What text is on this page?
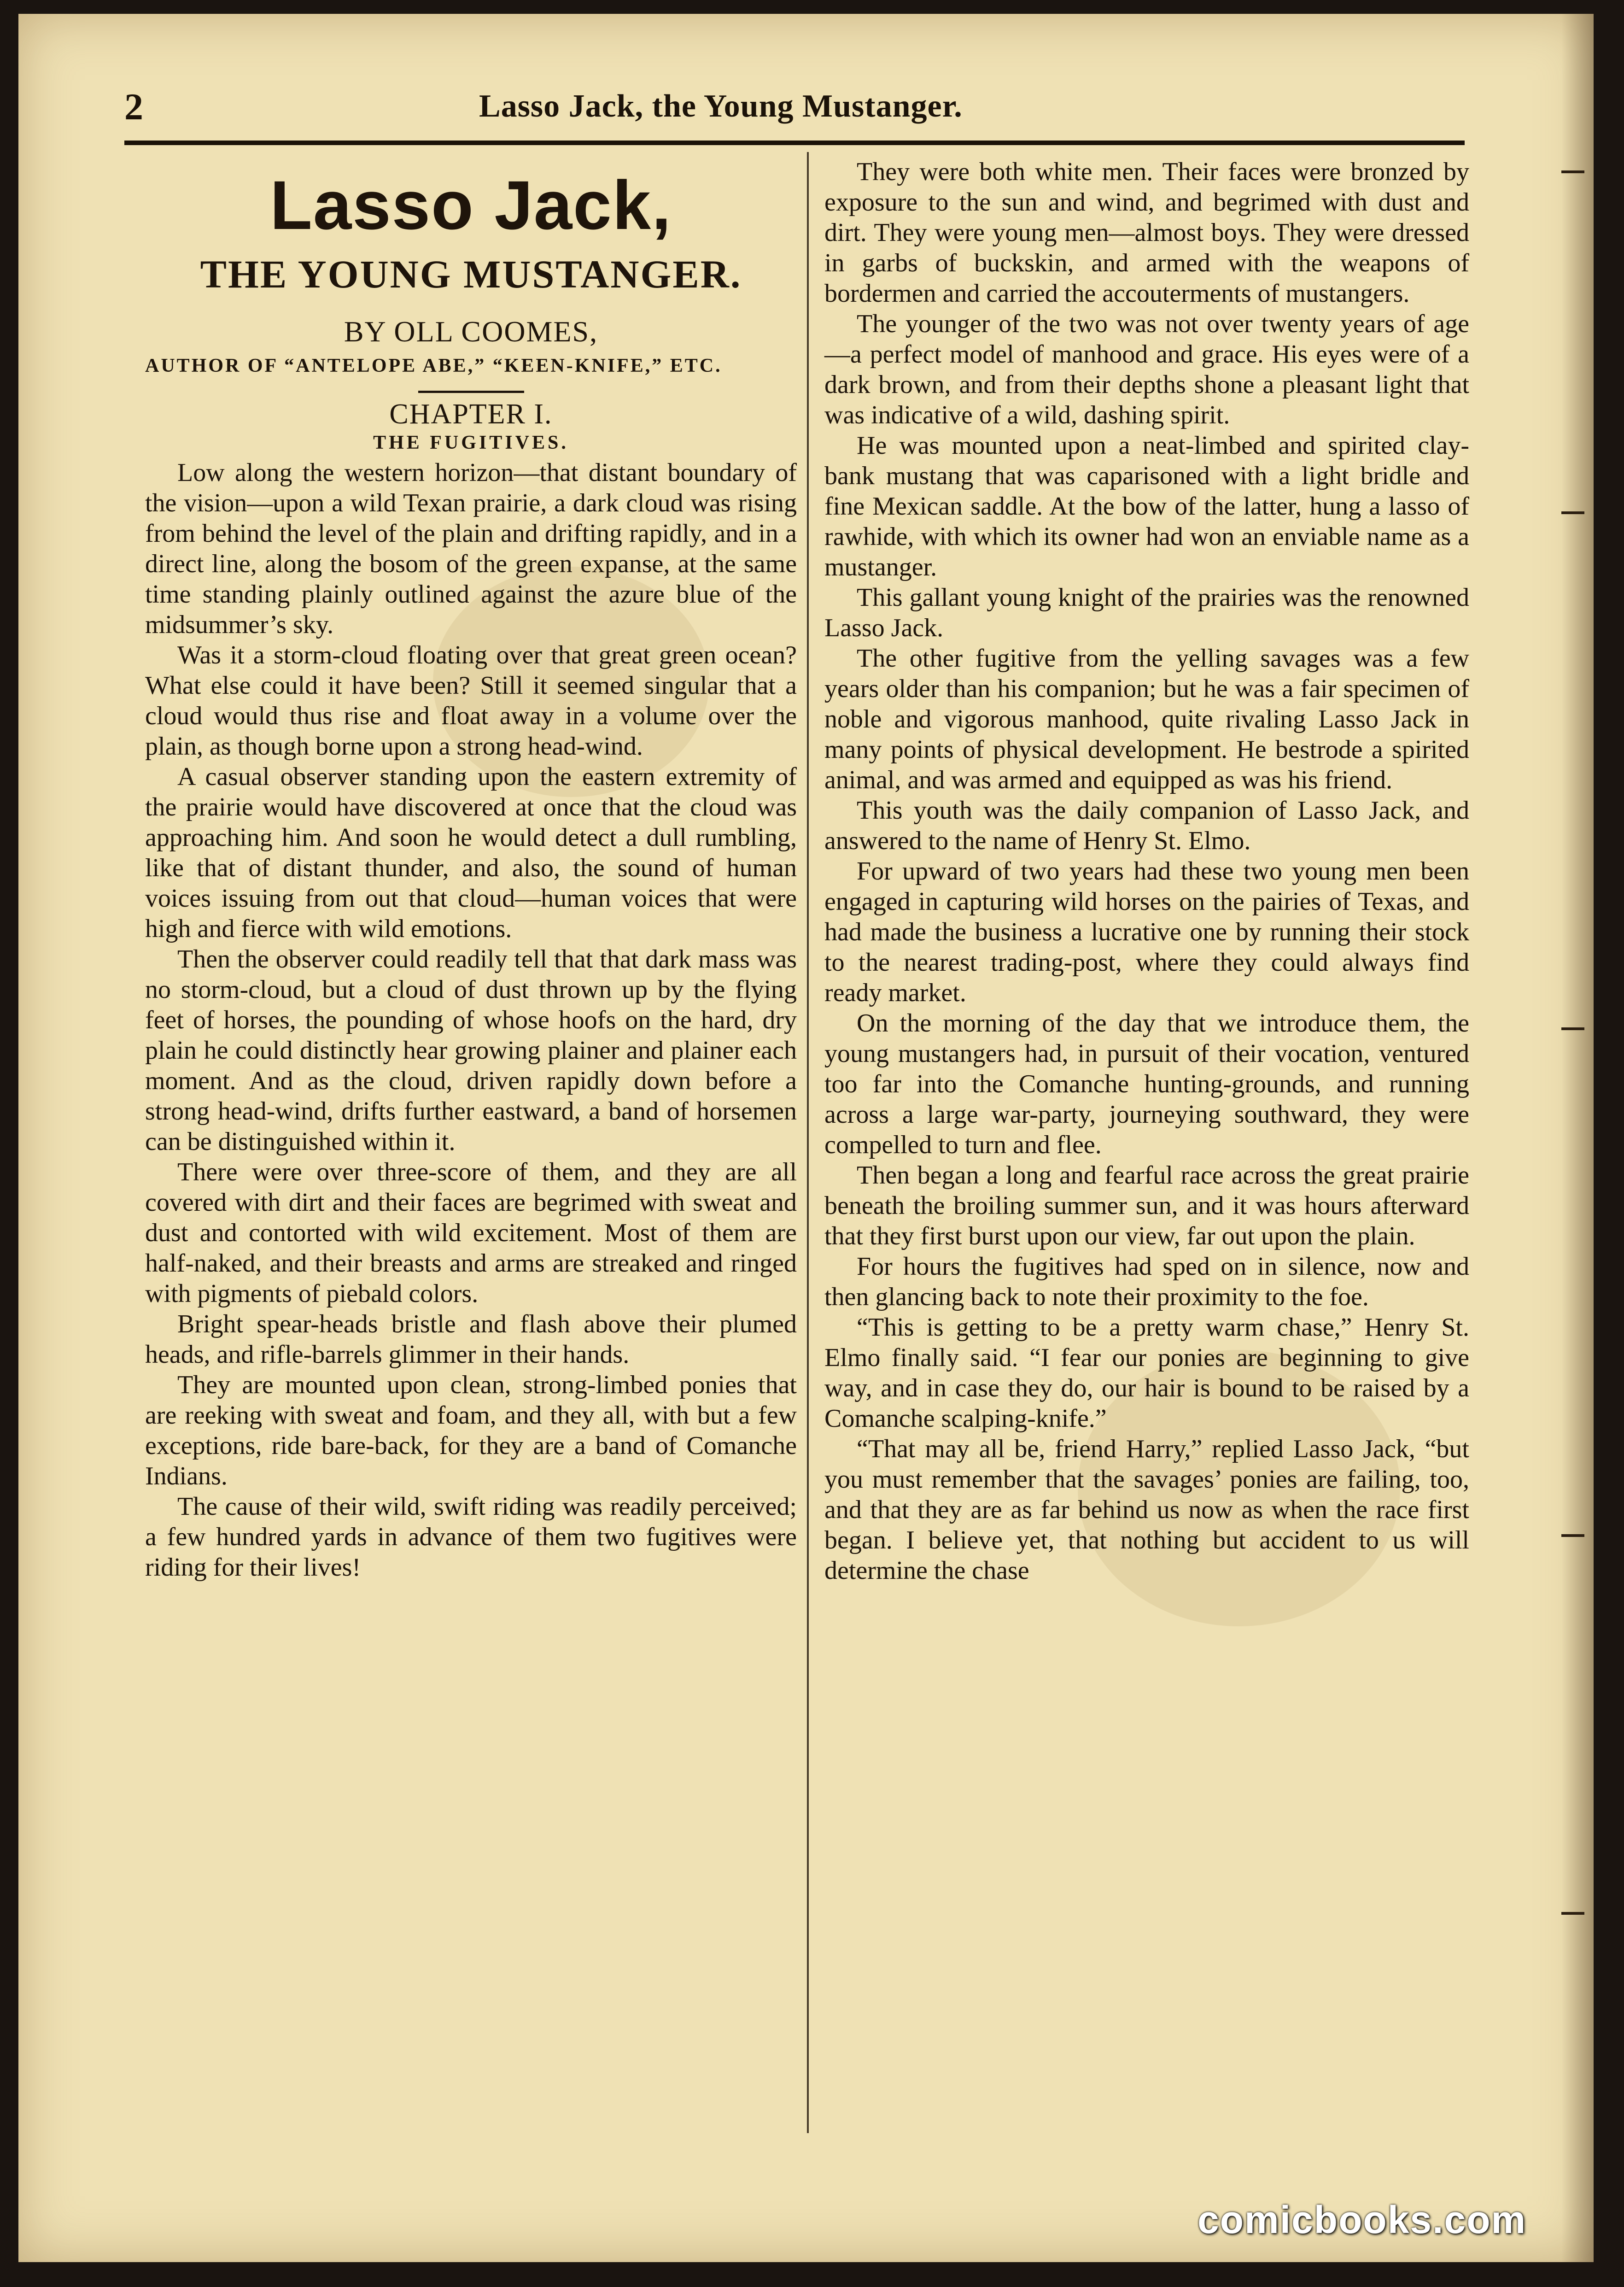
2	Lasso Jack, the Young Mustanger.
Lasso Jack,
THE YOUNG MUSTANGER.
BY OLL COOMES,
AUTHOR OF “ANTELOPE ABE,” “KEEN-KNIFE,” ETC.
CHAPTER I.
THE FUGITIVES.

Low along the western horizon—that distant boundary of the vision—upon a wild Texan prairie, a dark cloud was rising from behind the level of the plain and drifting rapidly, and in a direct line, along the bosom of the green expanse, at the same time standing plainly outlined against the azure blue of the midsummer’s sky.

Was it a storm-cloud floating over that great green ocean? What else could it have been? Still it seemed singular that a cloud would thus rise and float away in a volume over the plain, as though borne upon a strong head-wind.

A casual observer standing upon the eastern extremity of the prairie would have discovered at once that the cloud was approaching him. And soon he would detect a dull rumbling, like that of distant thunder, and also, the sound of human voices issuing from out that cloud—human voices that were high and fierce with wild emotions.

Then the observer could readily tell that that dark mass was no storm-cloud, but a cloud of dust thrown up by the flying feet of horses, the pounding of whose hoofs on the hard, dry plain he could distinctly hear growing plainer and plainer each moment. And as the cloud, driven rapidly down before a strong head-wind, drifts further eastward, a band of horsemen can be distinguished within it.

There were over three-score of them, and they are all covered with dirt and their faces are begrimed with sweat and dust and contorted with wild excitement. Most of them are half-naked, and their breasts and arms are streaked and ringed with pigments of piebald colors.

Bright spear-heads bristle and flash above their plumed heads, and rifle-barrels glimmer in their hands.

They are mounted upon clean, strong-limbed ponies that are reeking with sweat and foam, and they all, with but a few exceptions, ride bare-back, for they are a band of Comanche Indians.

The cause of their wild, swift riding was readily perceived; a few hundred yards in advance of them two fugitives were riding for their lives!

They were both white men. Their faces were bronzed by exposure to the sun and wind, and begrimed with dust and dirt. They were young men—almost boys. They were dressed in garbs of buckskin, and armed with the weapons of bordermen and carried the accouterments of mustangers.

The younger of the two was not over twenty years of age—a perfect model of manhood and grace. His eyes were of a dark brown, and from their depths shone a pleasant light that was indicative of a wild, dashing spirit.

He was mounted upon a neat-limbed and spirited clay-bank mustang that was caparisoned with a light bridle and fine Mexican saddle. At the bow of the latter, hung a lasso of rawhide, with which its owner had won an enviable name as a mustanger.

This gallant young knight of the prairies was the renowned Lasso Jack.

The other fugitive from the yelling savages was a few years older than his companion; but he was a fair specimen of noble and vigorous manhood, quite rivaling Lasso Jack in many points of physical development. He bestrode a spirited animal, and was armed and equipped as was his friend.

This youth was the daily companion of Lasso Jack, and answered to the name of Henry St. Elmo.

For upward of two years had these two young men been engaged in capturing wild horses on the pairies of Texas, and had made the business a lucrative one by running their stock to the nearest trading-post, where they could always find ready market.

On the morning of the day that we introduce them, the young mustangers had, in pursuit of their vocation, ventured too far into the Comanche hunting-grounds, and running across a large war-party, journeying southward, they were compelled to turn and flee.

Then began a long and fearful race across the great prairie beneath the broiling summer sun, and it was hours afterward that they first burst upon our view, far out upon the plain.

For hours the fugitives had sped on in silence, now and then glancing back to note their proximity to the foe.

“This is getting to be a pretty warm chase,” Henry St. Elmo finally said. “I fear our ponies are beginning to give way, and in case they do, our hair is bound to be raised by a Comanche scalping-knife.”

“That may all be, friend Harry,” replied Lasso Jack, “but you must remember that the savages’ ponies are failing, too, and that they are as far behind us now as when the race first began. I believe yet, that nothing but accident to us will determine the chase

comicbooks.com
